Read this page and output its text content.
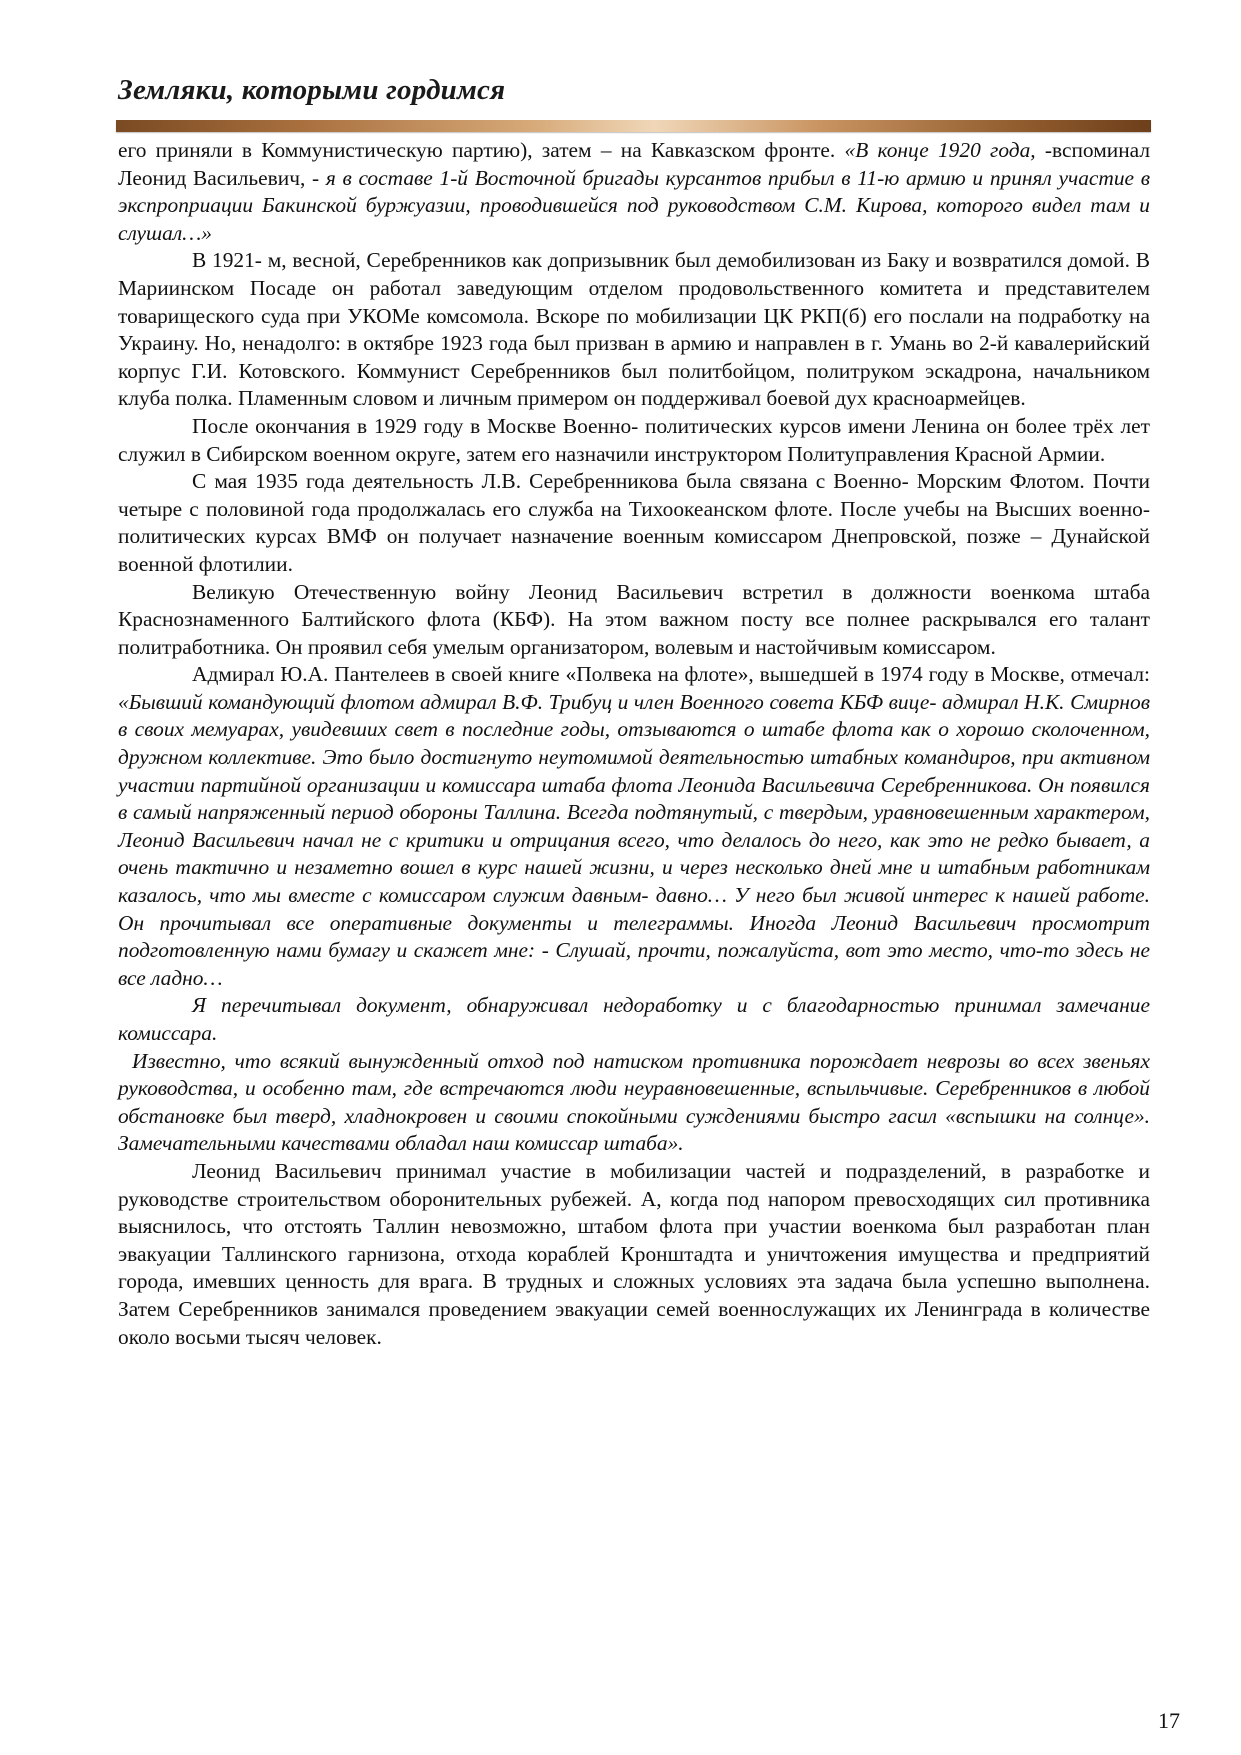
Земляки, которыми гордимся

его приняли в Коммунистическую партию), затем – на Кавказском фронте. «В конце 1920 года, -вспоминал Леонид Васильевич, - я в составе 1-й Восточной бригады курсантов прибыл в 11-ю армию и принял участие в экспроприации Бакинской буржуазии, проводившейся под руководством С.М. Кирова, которого видел там и слушал…»

В 1921- м, весной, Серебренников как допризывник был демобилизован из Баку и возвратился домой. В Мариинском Посаде он работал заведующим отделом продовольственного комитета и представителем товарищеского суда при УКОМе комсомола. Вскоре по мобилизации ЦК РКП(б) его послали на подработку на Украину. Но, ненадолго: в октябре 1923 года был призван в армию и направлен в г. Умань во 2-й кавалерийский корпус Г.И. Котовского. Коммунист Серебренников был политбойцом, политруком эскадрона, начальником клуба полка. Пламенным словом и личным примером он поддерживал боевой дух красноармейцев.

После окончания в 1929 году в Москве Военно- политических курсов имени Ленина он более трёх лет служил в Сибирском военном округе, затем его назначили инструктором Политуправления Красной Армии.

С мая 1935 года деятельность Л.В. Серебренникова была связана с Военно- Морским Флотом. Почти четыре с половиной года продолжалась его служба на Тихоокеанском флоте. После учебы на Высших военно- политических курсах ВМФ он получает назначение военным комиссаром Днепровской, позже – Дунайской военной флотилии.

Великую Отечественную войну Леонид Васильевич встретил в должности военкома штаба Краснознаменного Балтийского флота (КБФ). На этом важном посту все полнее раскрывался его талант политработника. Он проявил себя умелым организатором, волевым и настойчивым комиссаром.

Адмирал Ю.А. Пантелеев в своей книге «Полвека на флоте», вышедшей в 1974 году в Москве, отмечал: «Бывший командующий флотом адмирал В.Ф. Трибуц и член Военного совета КБФ вице- адмирал Н.К. Смирнов в своих мемуарах, увидевших свет в последние годы, отзываются о штабе флота как о хорошо сколоченном, дружном коллективе. Это было достигнуто неутомимой деятельностью штабных командиров, при активном участии партийной организации и комиссара штаба флота Леонида Васильевича Серебренникова. Он появился в самый напряженный период обороны Таллина. Всегда подтянутый, с твердым, уравновешенным характером, Леонид Васильевич начал не с критики и отрицания всего, что делалось до него, как это не редко бывает, а очень тактично и незаметно вошел в курс нашей жизни, и через несколько дней мне и штабным работникам казалось, что мы вместе с комиссаром служим давным- давно… У него был живой интерес к нашей работе. Он прочитывал все оперативные документы и телеграммы. Иногда Леонид Васильевич просмотрит подготовленную нами бумагу и скажет мне: - Слушай, прочти, пожалуйста, вот это место, что-то здесь не все ладно…

Я перечитывал документ, обнаруживал недоработку и с благодарностью принимал замечание комиссара.

Известно, что всякий вынужденный отход под натиском противника порождает неврозы во всех звеньях руководства, и особенно там, где встречаются люди неуравновешенные, вспыльчивые. Серебренников в любой обстановке был тверд, хладнокровен и своими спокойными суждениями быстро гасил «вспышки на солнце». Замечательными качествами обладал наш комиссар штаба».

Леонид Васильевич принимал участие в мобилизации частей и подразделений, в разработке и руководстве строительством оборонительных рубежей. А, когда под напором превосходящих сил противника выяснилось, что отстоять Таллин невозможно, штабом флота при участии военкома был разработан план эвакуации Таллинского гарнизона, отхода кораблей Кронштадта и уничтожения имущества и предприятий города, имевших ценность для врага. В трудных и сложных условиях эта задача была успешно выполнена. Затем Серебренников занимался проведением эвакуации семей военнослужащих их Ленинграда в количестве около восьми тысяч человек.

17
